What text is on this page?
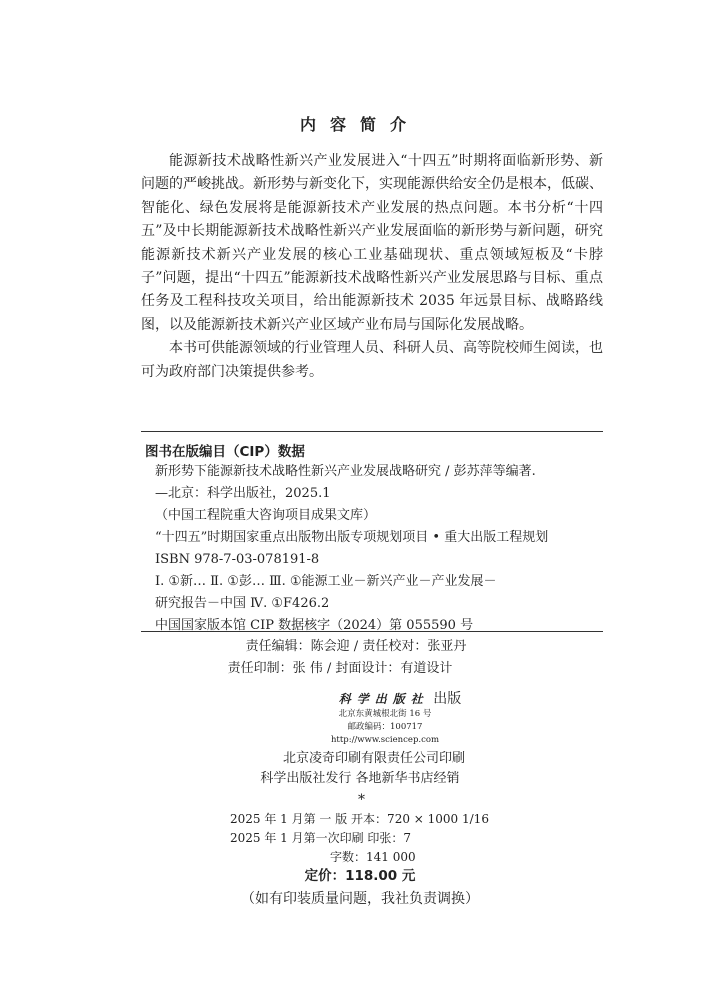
内容简介

能源新技术战略性新兴产业发展进入“十四五”时期将面临新形势、新问题的严峻挑战。新形势与新变化下，实现能源供给安全仍是根本，低碳、智能化、绿色发展将是能源新技术产业发展的热点问题。本书分析“十四五”及中长期能源新技术战略性新兴产业发展面临的新形势与新问题，研究能源新技术新兴产业发展的核心工业基础现状、重点领域短板及“卡脖子”问题，提出“十四五”能源新技术战略性新兴产业发展思路与目标、重点任务及工程科技攻关项目，给出能源新技术 2035 年远景目标、战略路线图，以及能源新技术新兴产业区域产业布局与国际化发展战略。

本书可供能源领域的行业管理人员、科研人员、高等院校师生阅读，也可为政府部门决策提供参考。

图书在版编目（CIP）数据
新形势下能源新技术战略性新兴产业发展战略研究 / 彭苏萍等编著.
—北京：科学出版社，2025.1
（中国工程院重大咨询项目成果文库）
“十四五”时期国家重点出版物出版专项规划项目 • 重大出版工程规划
ISBN 978-7-03-078191-8
Ⅰ. ①新… Ⅱ. ①彭… Ⅲ. ①能源工业－新兴产业－产业发展－
研究报告－中国 Ⅳ. ①F426.2
中国国家版本馆 CIP 数据核字（2024）第 055590 号
责任编辑：陈会迎 / 责任校对：张亚丹
责任印制：张 伟 / 封面设计：有道设计
科学出版社 出版
北京东黄城根北街 16 号
邮政编码：100717
http://www.sciencep.com
北京凌奇印刷有限责任公司印刷
科学出版社发行 各地新华书店经销
*
2025 年 1 月第 一 版 开本：720 × 1000 1/16
2025 年 1 月第一次印刷 印张：7
字数：141 000
定价：118.00 元
（如有印装质量问题，我社负责调换）
